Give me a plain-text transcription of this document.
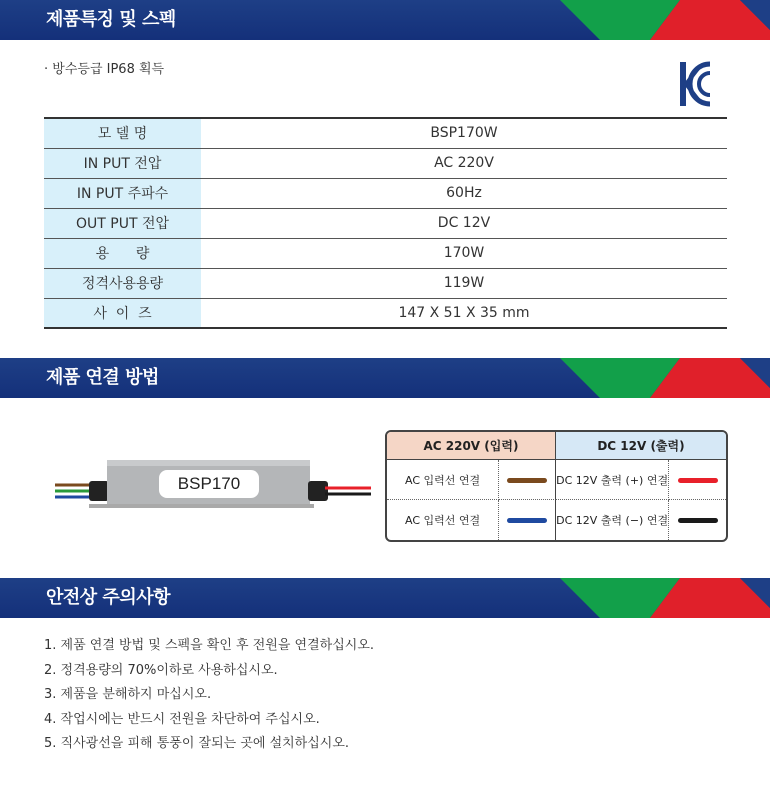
제품특징 및 스펙
· 방수등급 IP68 획득
모 델 명	BSP170W
IN PUT 전압	AC 220V
IN PUT 주파수	60Hz
OUT PUT 전압	DC 12V
용      량	170W
정격사용용량	119W
사  이  즈	147 X 51 X 35 mm
제품 연결 방법
BSP170
AC 220V (입력)		DC 12V (출력)	
AC 입력선 연결		DC 12V 출력 (+) 연결	
AC 입력선 연결		DC 12V 출력 (−) 연결	
안전상 주의사항
1. 제품 연결 방법 및 스펙을 확인 후 전원을 연결하십시오.
2. 정격용량의 70%이하로 사용하십시오.
3. 제품을 분해하지 마십시오.
4. 작업시에는 반드시 전원을 차단하여 주십시오.
5. 직사광선을 피해 통풍이 잘되는 곳에 설치하십시오.
